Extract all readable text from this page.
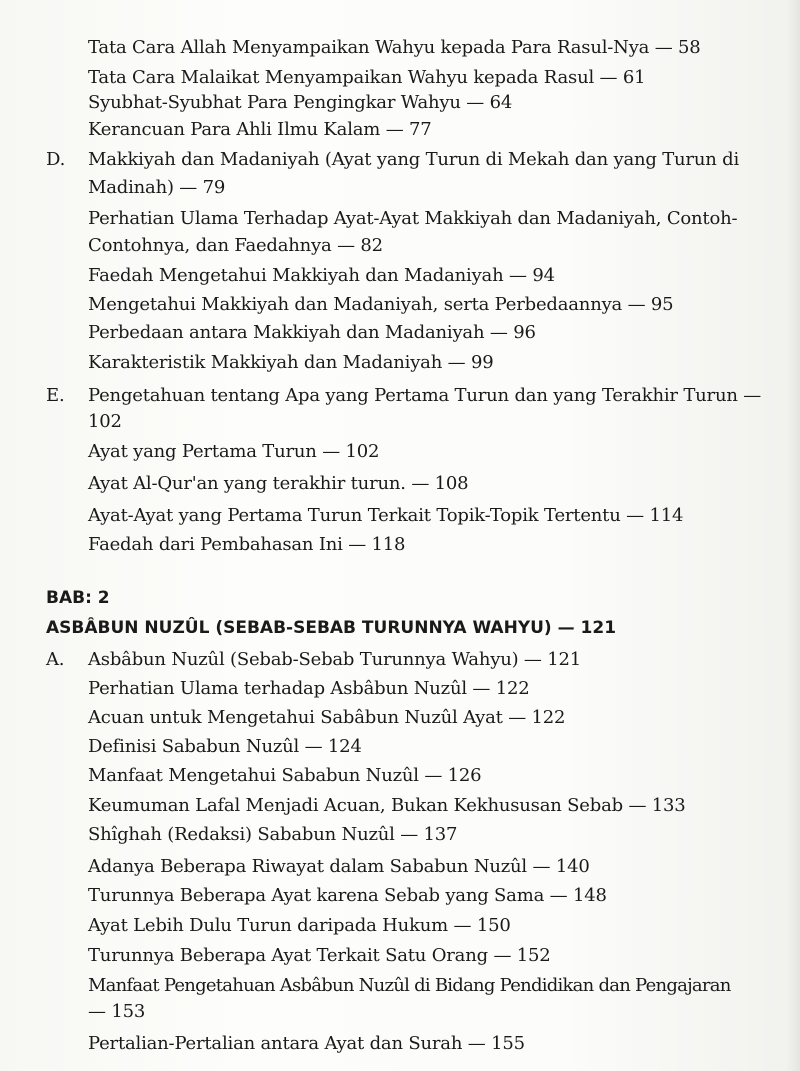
Tata Cara Allah Menyampaikan Wahyu kepada Para Rasul-Nya — 58
Tata Cara Malaikat Menyampaikan Wahyu kepada Rasul — 61
Syubhat-Syubhat Para Pengingkar Wahyu — 64
Kerancuan Para Ahli Ilmu Kalam — 77
D. Makkiyah dan Madaniyah (Ayat yang Turun di Mekah dan yang Turun di
Madinah) — 79
Perhatian Ulama Terhadap Ayat-Ayat Makkiyah dan Madaniyah, Contoh-
Contohnya, dan Faedahnya — 82
Faedah Mengetahui Makkiyah dan Madaniyah — 94
Mengetahui Makkiyah dan Madaniyah, serta Perbedaannya — 95
Perbedaan antara Makkiyah dan Madaniyah — 96
Karakteristik Makkiyah dan Madaniyah — 99
E. Pengetahuan tentang Apa yang Pertama Turun dan yang Terakhir Turun —
102
Ayat yang Pertama Turun — 102
Ayat Al-Qur'an yang terakhir turun. — 108
Ayat-Ayat yang Pertama Turun Terkait Topik-Topik Tertentu — 114
Faedah dari Pembahasan Ini — 118
BAB: 2
ASBÂBUN NUZÛL (SEBAB-SEBAB TURUNNYA WAHYU) — 121
A. Asbâbun Nuzûl (Sebab-Sebab Turunnya Wahyu) — 121
Perhatian Ulama terhadap Asbâbun Nuzûl — 122
Acuan untuk Mengetahui Sabâbun Nuzûl Ayat — 122
Definisi Sababun Nuzûl — 124
Manfaat Mengetahui Sababun Nuzûl — 126
Keumuman Lafal Menjadi Acuan, Bukan Kekhususan Sebab — 133
Shîghah (Redaksi) Sababun Nuzûl — 137
Adanya Beberapa Riwayat dalam Sababun Nuzûl — 140
Turunnya Beberapa Ayat karena Sebab yang Sama — 148
Ayat Lebih Dulu Turun daripada Hukum — 150
Turunnya Beberapa Ayat Terkait Satu Orang — 152
Manfaat Pengetahuan Asbâbun Nuzûl di Bidang Pendidikan dan Pengajaran
— 153
Pertalian-Pertalian antara Ayat dan Surah — 155
